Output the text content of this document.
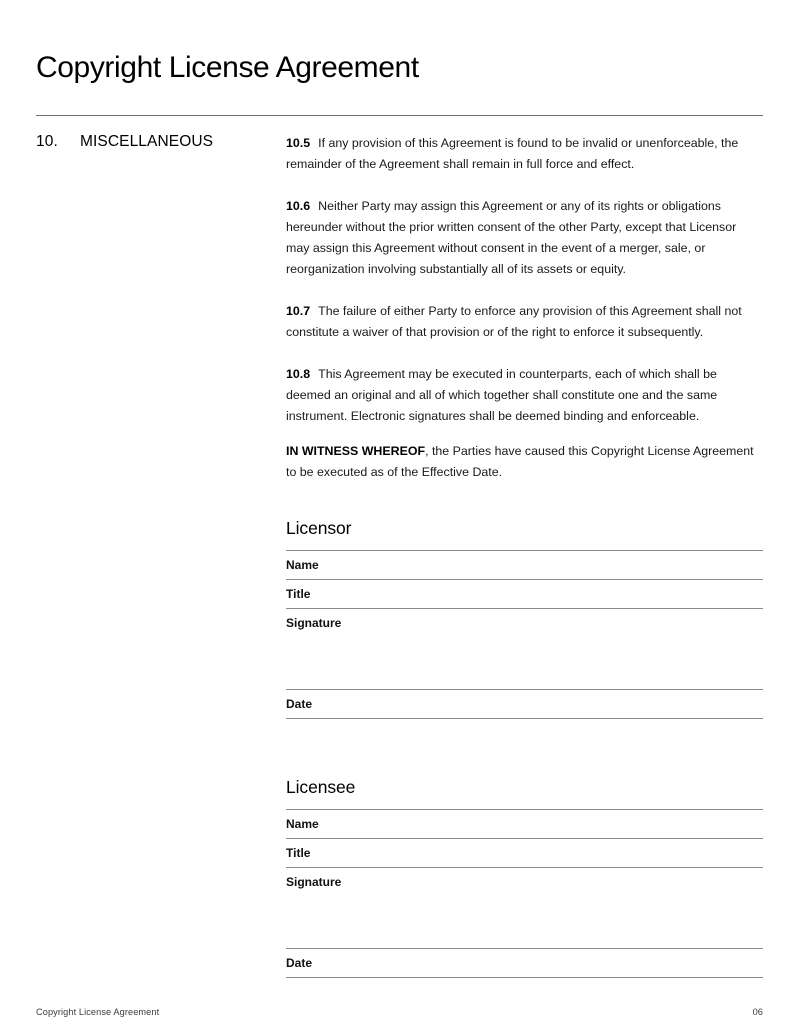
Copyright License Agreement
10.	MISCELLANEOUS	10.5 If any provision of this Agreement is found to be invalid or unenforceable, the remainder of the Agreement shall remain in full force and effect.

10.6 Neither Party may assign this Agreement or any of its rights or obligations hereunder without the prior written consent of the other Party, except that Licensor may assign this Agreement without consent in the event of a merger, sale, or reorganization involving substantially all of its assets or equity.

10.7 The failure of either Party to enforce any provision of this Agreement shall not constitute a waiver of that provision or of the right to enforce it subsequently.

10.8 This Agreement may be executed in counterparts, each of which shall be deemed an original and all of which together shall constitute one and the same instrument. Electronic signatures shall be deemed binding and enforceable.

IN WITNESS WHEREOF, the Parties have caused this Copyright License Agreement to be executed as of the Effective Date.

Licensor
Name
Title
Signature
Date
Licensee
Name
Title
Signature
Date
Copyright License Agreement	06
